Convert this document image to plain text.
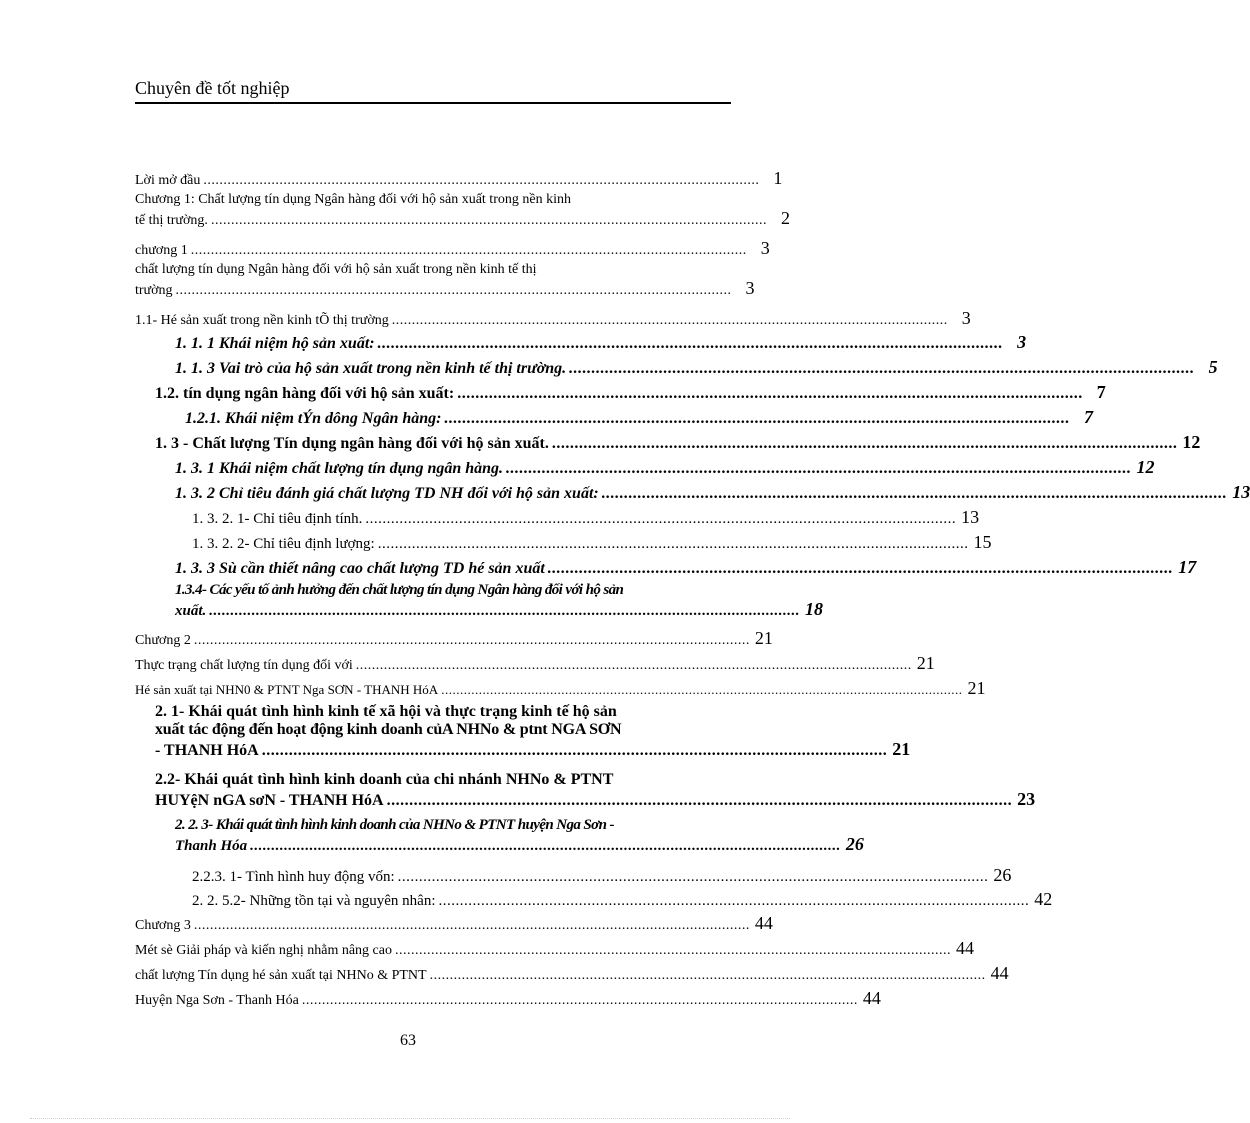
Chuyên đề tốt nghiệp
Lời mở đầu ........................................................................................................................................... 1
Chương 1: Chất lượng tín dụng Ngân hàng đối với hộ sản xuất trong nền kinh
tế thị trường. ........................................................................................................................................... 2
chương 1 ........................................................................................................................................... 3
chất lượng tín dụng Ngân hàng đối với hộ sản xuất trong nền kinh tế thị
trường ........................................................................................................................................... 3
1.1- Hé sản xuất trong nền kinh tÕ thị trường ........................................................................................................................................... 3
1. 1. 1 Khái niệm hộ sản xuất: ........................................................................................................................................... 3
1. 1. 3 Vai trò của hộ sản xuất trong nền kinh tế thị trường. ........................................................................................................................................... 5
1.2. tín dụng ngân hàng đối với hộ sản xuất: ........................................................................................................................................... 7
1.2.1. Khái niệm tÝn dông Ngân hàng: ........................................................................................................................................... 7
1. 3 - Chất lượng Tín dụng ngân hàng đối với hộ sản xuất. ........................................................................................................................................... 12
1. 3. 1 Khái niệm chất lượng tín dụng ngân hàng. ........................................................................................................................................... 12
1. 3. 2 Chỉ tiêu đánh giá chất lượng TD NH đối với hộ sản xuất: ........................................................................................................................................... 13
1. 3. 2. 1- Chỉ tiêu định tính. ........................................................................................................................................... 13
1. 3. 2. 2- Chỉ tiêu định lượng: ........................................................................................................................................... 15
1. 3. 3 Sù cần thiết nâng cao chất lượng TD hé sản xuất ........................................................................................................................................... 17
1.3.4- Các yếu tố ảnh hưởng đến chất lượng tín dụng Ngân hàng đối với hộ sản
xuất. ........................................................................................................................................... 18
Chương 2 ........................................................................................................................................... 21
Thực trạng chất lượng tín dụng đối với ........................................................................................................................................... 21
Hé sản xuất tại NHN0 & PTNT Nga SƠN - THANH HóA ........................................................................................................................................... 21
2. 1- Khái quát tình hình kinh tế xã hội và thực trạng kinh tế hộ sản
xuất tác động đến hoạt động kinh doanh củA NHNo & ptnt NGA SƠN
- THANH HóA ........................................................................................................................................... 21
2.2- Khái quát tình hình kinh doanh của chi nhánh NHNo & PTNT
HUYệN nGA sơN - THANH HóA ........................................................................................................................................... 23
2. 2. 3- Khái quát tình hình kinh doanh của NHNo & PTNT huyện Nga Sơn -
Thanh Hóa ........................................................................................................................................... 26
2.2.3. 1- Tình hình huy động vốn: ........................................................................................................................................... 26
2. 2. 5.2- Những tồn tại và nguyên nhân: ........................................................................................................................................... 42
Chương 3 ........................................................................................................................................... 44
Mét sè Giải pháp và kiến nghị nhằm nâng cao ........................................................................................................................................... 44
chất lượng Tín dụng hé sản xuất tại NHNo & PTNT ........................................................................................................................................... 44
Huyện Nga Sơn - Thanh Hóa ........................................................................................................................................... 44
63
